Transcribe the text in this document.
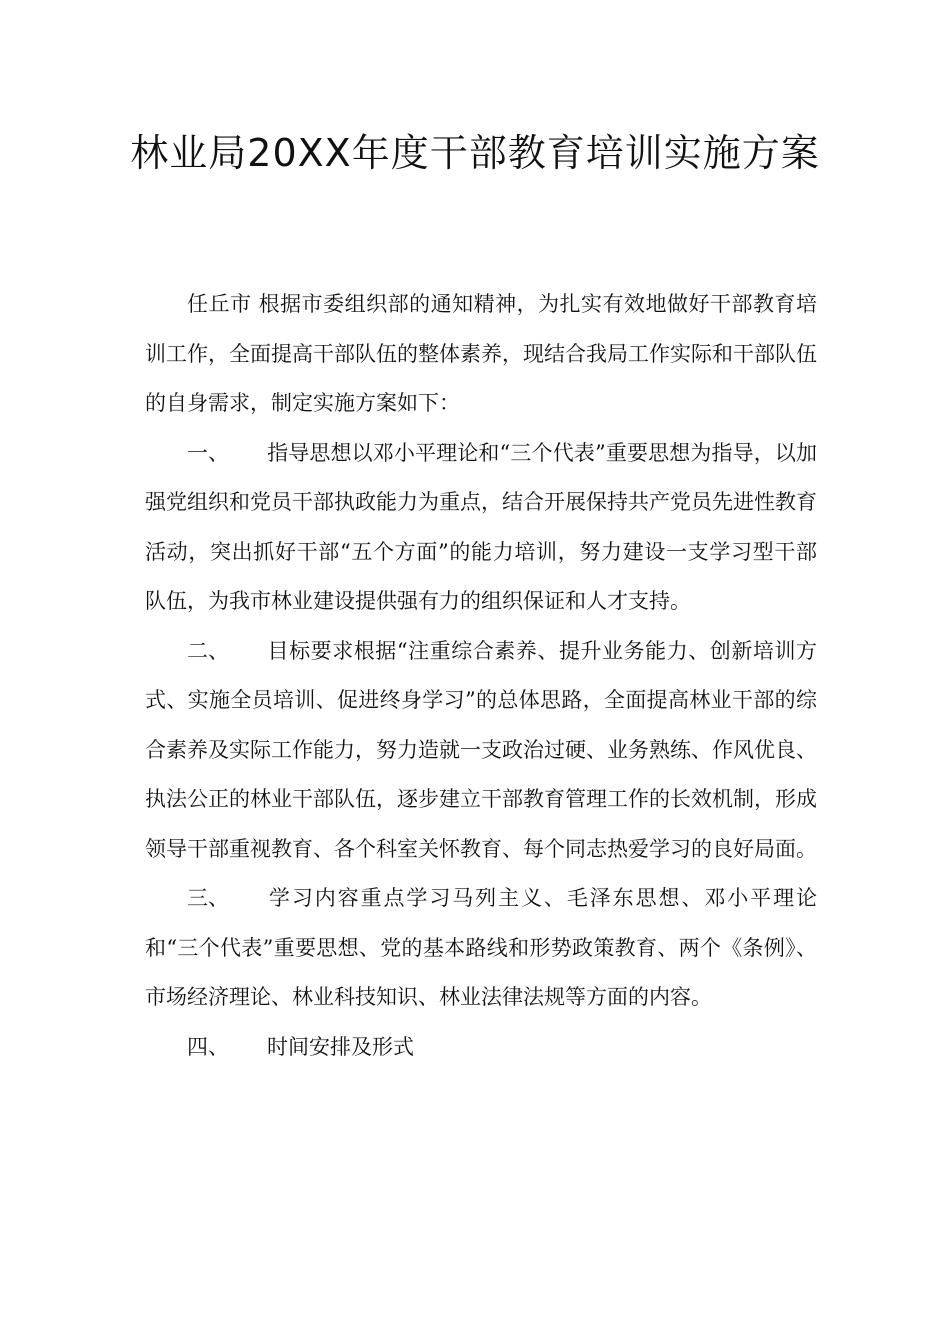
林业局20XX年度干部教育培训实施方案

任丘市 根据市委组织部的通知精神，为扎实有效地做好干部教育培训工作，全面提高干部队伍的整体素养，现结合我局工作实际和干部队伍的自身需求，制定实施方案如下：

一、 指导思想以邓小平理论和“三个代表”重要思想为指导，以加强党组织和党员干部执政能力为重点，结合开展保持共产党员先进性教育活动，突出抓好干部“五个方面”的能力培训，努力建设一支学习型干部队伍，为我市林业建设提供强有力的组织保证和人才支持。

二、 目标要求根据“注重综合素养、提升业务能力、创新培训方式、实施全员培训、促进终身学习”的总体思路，全面提高林业干部的综合素养及实际工作能力，努力造就一支政治过硬、业务熟练、作风优良、执法公正的林业干部队伍，逐步建立干部教育管理工作的长效机制，形成领导干部重视教育、各个科室关怀教育、每个同志热爱学习的良好局面。

三、 学习内容重点学习马列主义、毛泽东思想、邓小平理论和“三个代表”重要思想、党的基本路线和形势政策教育、两个《条例》、市场经济理论、林业科技知识、林业法律法规等方面的内容。

四、 时间安排及形式
